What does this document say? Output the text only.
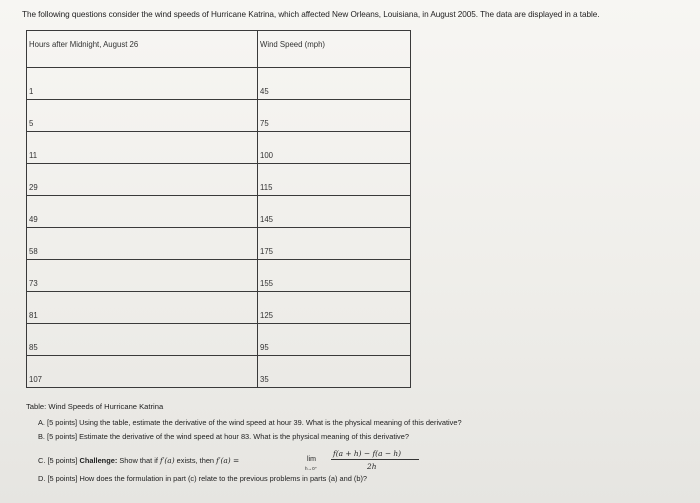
The following questions consider the wind speeds of Hurricane Katrina, which affected New Orleans, Louisiana, in August 2005. The data are displayed in a table.
Hours after Midnight, August 26	Wind Speed (mph)
1	45
5	75
11	100
29	115
49	145
58	175
73	155
81	125
85	95
107	35
Table: Wind Speeds of Hurricane Katrina
A. [5 points] Using the table, estimate the derivative of the wind speed at hour 39. What is the physical meaning of this derivative?
B. [5 points] Estimate the derivative of the wind speed at hour 83. What is the physical meaning of this derivative?
C. [5 points] Challenge: Show that if f′(a) exists, then f′(a) =	lim
h→0⁺
f(a + h) − f(a − h)
2h
D. [5 points] How does the formulation in part (c) relate to the previous problems in parts (a) and (b)?
